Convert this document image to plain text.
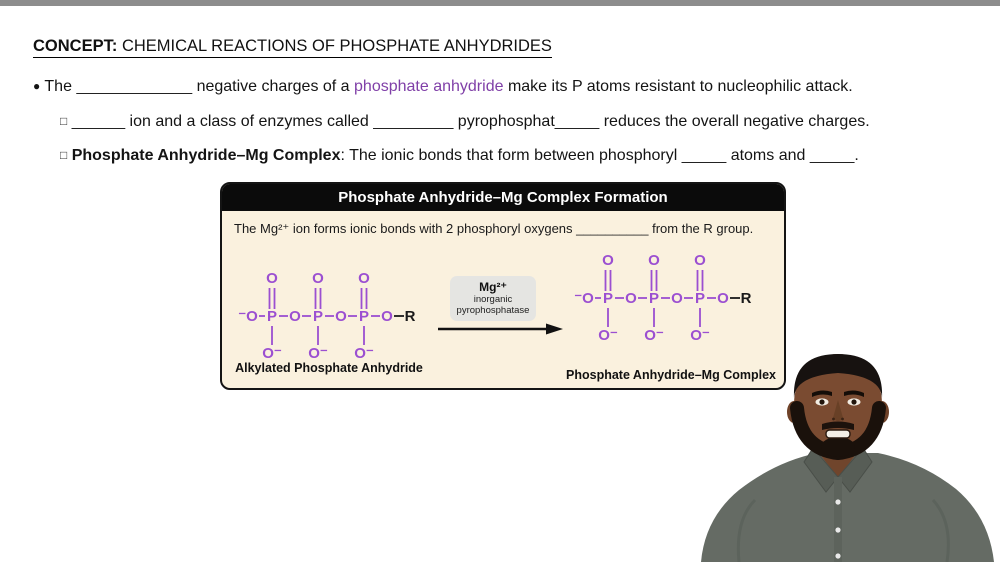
CONCEPT: CHEMICAL REACTIONS OF PHOSPHATE ANHYDRIDES
● The _____________ negative charges of a phosphate anhydride make its P atoms resistant to nucleophilic attack.
□ ______ ion and a class of enzymes called _________ pyrophosphat_____ reduces the overall negative charges.
□ Phosphate Anhydride–Mg Complex: The ionic bonds that form between phosphoryl _____ atoms and _____.
Phosphate Anhydride–Mg Complex Formation
The Mg²⁺ ion forms ionic bonds with 2 phosphoryl oxygens __________ from the R group.
⁻O P O P O P O R
O
O⁻
O
O⁻
O
O⁻
⁻O P O P O P O R
O
O⁻
O
O⁻
O
O⁻
Mg²⁺
inorganic
pyrophosphatase
Alkylated Phosphate Anhydride	Phosphate Anhydride–Mg Complex
